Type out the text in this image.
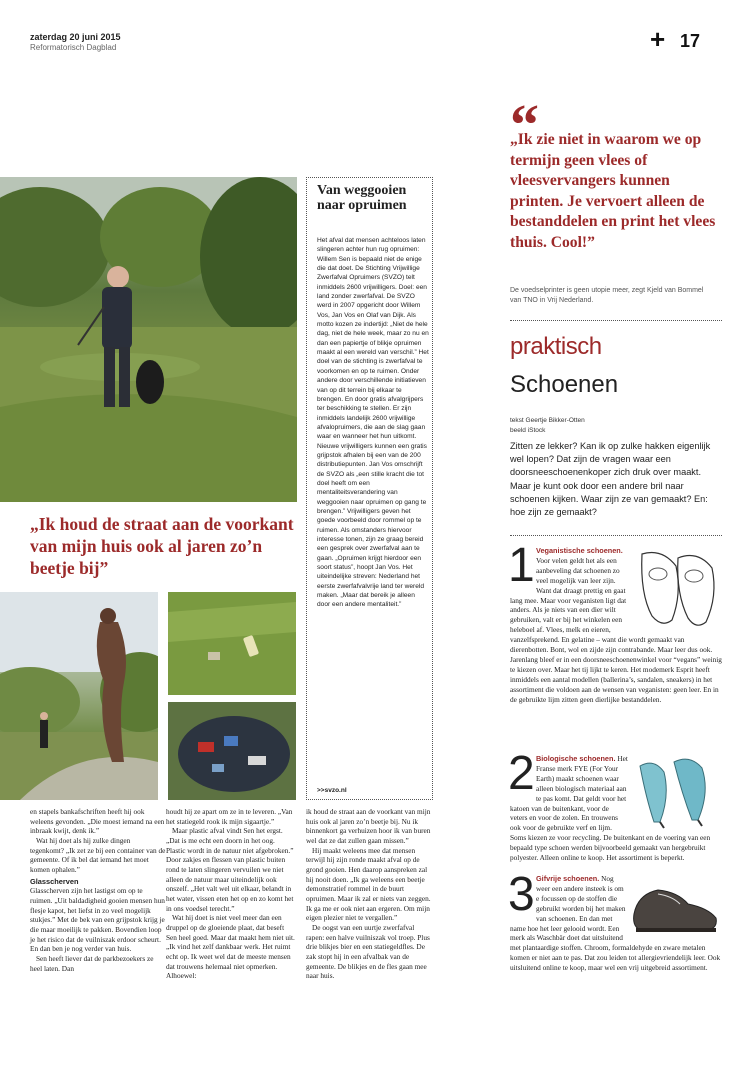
zaterdag 20 juni 2015
Reformatorisch Dagblad	+ 17
„Ik houd de straat aan de voorkant van mijn huis ook al jaren zo’n beetje bij”
Van weggooien naar opruimen
Het afval dat mensen achteloos laten slingeren achter hun rug opruimen: Willem Sen is bepaald niet de enige die dat doet. De Stichting Vrijwillige Zwerfafval Opruimers (SVZO) telt inmiddels 2600 vrijwilligers. Doel: een land zonder zwerfafval. De SVZO werd in 2007 opgericht door Willem Vos, Jan Vos en Olaf van Dijk. Als motto kozen ze indertijd: „Niet de hele dag, niet de hele week, maar zo nu en dan een papiertje of blikje opruimen maakt al een wereld van verschil.” Het doel van de stichting is zwerfafval te voorkomen en op te ruimen. Onder andere door verschillende initiatieven van op dit terrein bij elkaar te brengen. En door gratis afvalgrijpers ter beschikking te stellen. Er zijn inmiddels landelijk 2600 vrijwillige afvalopruimers, die aan de slag gaan waar en wanneer het hun uitkomt. Nieuwe vrijwilligers kunnen een gratis grijpstok afhalen bij een van de 200 distributiepunten. Jan Vos omschrijft de SVZO als „een stille kracht die tot doel heeft om een mentaliteitsverandering van weggooien naar opruimen op gang te brengen.” Vrijwilligers geven het goede voorbeeld door rommel op te ruimen. Als omstanders hiervoor interesse tonen, zijn ze graag bereid een gesprek over zwerfafval aan te gaan. „Opruimen krijgt hierdoor een soort status”, hoopt Jan Vos. Het uiteindelijke streven: Nederland het eerste zwerfafvalvrije land ter wereld maken. „Maar dat bereik je alleen door een andere mentaliteit.”
>>svzo.nl

en stapels bankafschriften heeft hij ook weleens gevonden. „Die moest iemand na een inbraak kwijt, denk ik.”

Wat hij doet als hij zulke dingen tegenkomt? „Ik zet ze bij een container van de gemeente. Of ik bel dat iemand het moet komen ophalen.”

Glasscherven

Glasscherven zijn het lastigst om op te ruimen. „Uit baldadigheid gooien mensen hun flesje kapot, het liefst in zo veel mogelijk stukjes.” Met de bek van een grijpstok krijg je die maar moeilijk te pakken. Bovendien loop je het risico dat de vuilniszak erdoor scheurt. En dan ben je nog verder van huis.

Sen heeft liever dat de parkbezoekers ze heel laten. Dan

houdt hij ze apart om ze in te leveren. „Van het statiegeld rook ik mijn sigaartje.”

Maar plastic afval vindt Sen het ergst. „Dat is me echt een doorn in het oog. Plastic wordt in de natuur niet afgebroken.” Door zakjes en flessen van plastic buiten rond te laten slingeren vervuilen we niet alleen de natuur maar uiteindelijk ook onszelf. „Het valt wel uit elkaar, belandt in het water, vissen eten het op en zo komt het in ons voedsel terecht.”

Wat hij doet is niet veel meer dan een druppel op de gloeiende plaat, dat beseft Sen heel goed. Maar dat maakt hem niet uit. „Ik vind het zelf dankbaar werk. Het ruimt echt op. Ik weet wel dat de meeste mensen dat trouwens helemaal niet opmerken. Alhoewel:

ik houd de straat aan de voorkant van mijn huis ook al jaren zo’n beetje bij. Nu ik binnenkort ga verhuizen hoor ik van buren wel dat ze dat zullen gaan missen.”

Hij maakt weleens mee dat mensen terwijl hij zijn ronde maakt afval op de grond gooien. Hen daarop aanspreken zal hij nooit doen. „Ik ga weleens een beetje demonstratief rommel in de buurt opruimen. Maar ik zal er niets van zeggen. Ik ga me er ook niet aan ergeren. Om mijn eigen plezier niet te vergallen.”

De oogst van een uurtje zwerfafval rapen: een halve vuilniszak vol troep. Plus drie blikjes bier en een statiegeldfles. De zak stopt hij in een afvalbak van de gemeente. De blikjes en de fles gaan mee naar huis.

“
„Ik zie niet in waarom we op termijn geen vlees of vleesvervangers kunnen printen. Je vervoert alleen de bestanddelen en print het vlees thuis. Cool!”
De voedselprinter is geen utopie meer, zegt Kjeld van Bommel van TNO in Vrij Nederland.
praktisch
Schoenen
tekst Geertje Bikker-Otten
beeld iStock
Zitten ze lekker? Kan ik op zulke hakken eigenlijk wel lopen? Dat zijn de vragen waar een doorsneeschoenenkoper zich druk over maakt. Maar je kunt ook door een andere bril naar schoenen kijken. Waar zijn ze van gemaakt? En: hoe zijn ze gemaakt?
Veganistische schoenen. Voor velen geldt het als een aanbeveling dat schoenen zo veel mogelijk van leer zijn. Want dat draagt prettig en gaat lang mee. Maar voor veganisten ligt dat anders. Als je niets van een dier wilt gebruiken, valt er bij het winkelen een heleboel af. Vlees, melk en eieren, vanzelfsprekend. En gelatine – want die wordt gemaakt van dierenbotten. Bont, wol en zijde zijn contrabande. Maar leer dus ook. Jarenlang bleef er in een doorsneeschoenenwinkel voor “vegans” weinig te kiezen over. Maar het tij lijkt te keren. Het modemerk Esprit heeft inmiddels een aantal modellen (ballerina’s, sandalen, sneakers) in het assortiment die voldoen aan de wensen van veganisten: geen leer. En in de gebruikte lijm zitten geen dierlijke bestanddelen.
1
Biologische schoenen. Het Franse merk FYE (For Your Earth) maakt schoenen waar alleen biologisch materiaal aan te pas komt. Dat geldt voor het katoen van de buitenkant, voor de veters en voor de zolen. En trouwens ook voor de gebruikte verf en lijm. Soms kiezen ze voor recycling. De buitenkant en de voering van een bepaald type schoen werden bijvoorbeeld gemaakt van hergebruikt polyester. Alleen online te koop. Het assortiment is beperkt.
2
Gifvrije schoenen. Nog weer een andere insteek is om e focussen op de stoffen die gebruikt worden bij het maken van schoenen. En dan met name hoe het leer gelooid wordt. Een merk als Waschbär doet dat uitsluitend met plantaardige stoffen. Chroom, formaldehyde en zware metalen komen er niet aan te pas. Dat zou leiden tot allergievriendelijk leer. Ook uitsluitend online te koop, maar wel een vrij uitgebreid assortiment.
3
